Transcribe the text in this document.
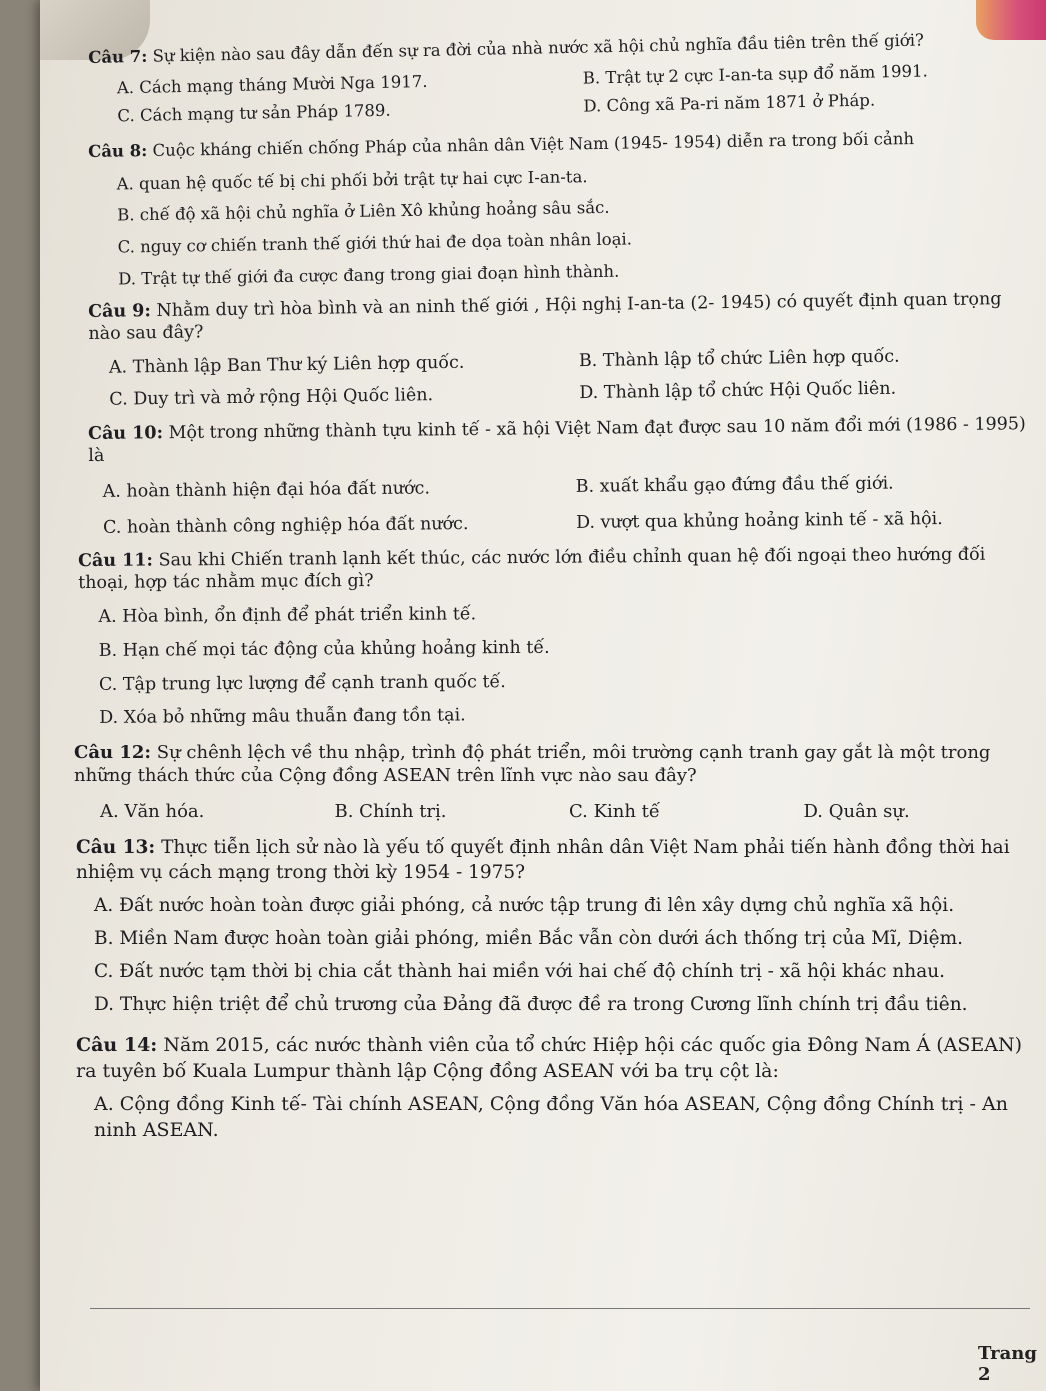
Câu 7: Sự kiện nào sau đây dẫn đến sự ra đời của nhà nước xã hội chủ nghĩa đầu tiên trên thế giới?

A. Cách mạng tháng Mười Nga 1917.	B. Trật tự 2 cực I-an-ta sụp đổ năm 1991.
C. Cách mạng tư sản Pháp 1789.	D. Công xã Pa-ri năm 1871 ở Pháp.

Câu 8: Cuộc kháng chiến chống Pháp của nhân dân Việt Nam (1945- 1954) diễn ra trong bối cảnh

A. quan hệ quốc tế bị chi phối bởi trật tự hai cực I-an-ta.
B. chế độ xã hội chủ nghĩa ở Liên Xô khủng hoảng sâu sắc.
C. nguy cơ chiến tranh thế giới thứ hai đe dọa toàn nhân loại.
D. Trật tự thế giới đa cược đang trong giai đoạn hình thành.

Câu 9: Nhằm duy trì hòa bình và an ninh thế giới , Hội nghị I-an-ta (2- 1945) có quyết định quan trọng nào sau đây?

A. Thành lập Ban Thư ký Liên hợp quốc.	B. Thành lập tổ chức Liên hợp quốc.
C. Duy trì và mở rộng Hội Quốc liên.	D. Thành lập tổ chức Hội Quốc liên.

Câu 10: Một trong những thành tựu kinh tế - xã hội Việt Nam đạt được sau 10 năm đổi mới (1986 - 1995) là

A. hoàn thành hiện đại hóa đất nước.	B. xuất khẩu gạo đứng đầu thế giới.
C. hoàn thành công nghiệp hóa đất nước.	D. vượt qua khủng hoảng kinh tế - xã hội.

Câu 11: Sau khi Chiến tranh lạnh kết thúc, các nước lớn điều chỉnh quan hệ đối ngoại theo hướng đối thoại, hợp tác nhằm mục đích gì?

A. Hòa bình, ổn định để phát triển kinh tế.
B. Hạn chế mọi tác động của khủng hoảng kinh tế.
C. Tập trung lực lượng để cạnh tranh quốc tế.
D. Xóa bỏ những mâu thuẫn đang tồn tại.

Câu 12: Sự chênh lệch về thu nhập, trình độ phát triển, môi trường cạnh tranh gay gắt là một trong những thách thức của Cộng đồng ASEAN trên lĩnh vực nào sau đây?

A. Văn hóa.	B. Chính trị.	C. Kinh tế	D. Quân sự.

Câu 13: Thực tiễn lịch sử nào là yếu tố quyết định nhân dân Việt Nam phải tiến hành đồng thời hai nhiệm vụ cách mạng trong thời kỳ 1954 - 1975?

A. Đất nước hoàn toàn được giải phóng, cả nước tập trung đi lên xây dựng chủ nghĩa xã hội.
B. Miền Nam được hoàn toàn giải phóng, miền Bắc vẫn còn dưới ách thống trị của Mĩ, Diệm.
C. Đất nước tạm thời bị chia cắt thành hai miền với hai chế độ chính trị - xã hội khác nhau.
D. Thực hiện triệt để chủ trương của Đảng đã được đề ra trong Cương lĩnh chính trị đầu tiên.

Câu 14: Năm 2015, các nước thành viên của tổ chức Hiệp hội các quốc gia Đông Nam Á (ASEAN) ra tuyên bố Kuala Lumpur thành lập Cộng đồng ASEAN với ba trụ cột là:

A. Cộng đồng Kinh tế- Tài chính ASEAN, Cộng đồng Văn hóa ASEAN, Cộng đồng Chính trị - An ninh ASEAN.
Trang 2
